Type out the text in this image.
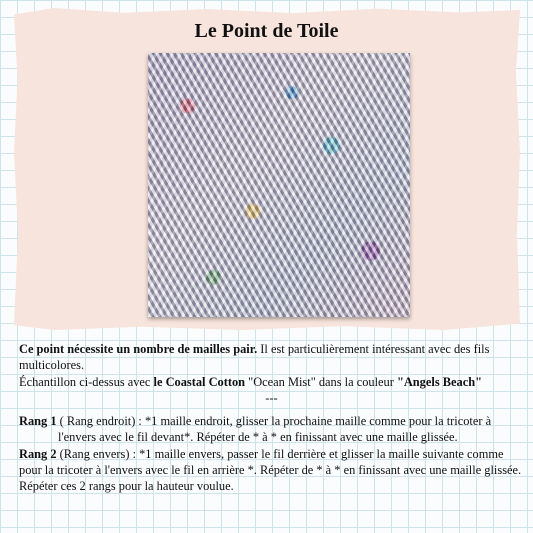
Le Point de Toile

Ce point nécessite un nombre de mailles pair. Il est particulièrement intéressant avec des fils multicolores.

Échantillon ci-dessus avec le Coastal Cotton "Ocean Mist" dans la couleur "Angels Beach"

---

Rang 1 ( Rang endroit) : *1 maille endroit, glisser la prochaine maille comme pour la tricoter à

l'envers avec le fil devant*. Répéter de * à * en finissant avec une maille glissée.

Rang 2 (Rang envers) : *1 maille envers, passer le fil derrière et glisser la maille suivante comme pour la tricoter à l'envers avec le fil en arrière *. Répéter de * à * en finissant avec une maille glissée.

Répéter ces 2 rangs pour la hauteur voulue.
